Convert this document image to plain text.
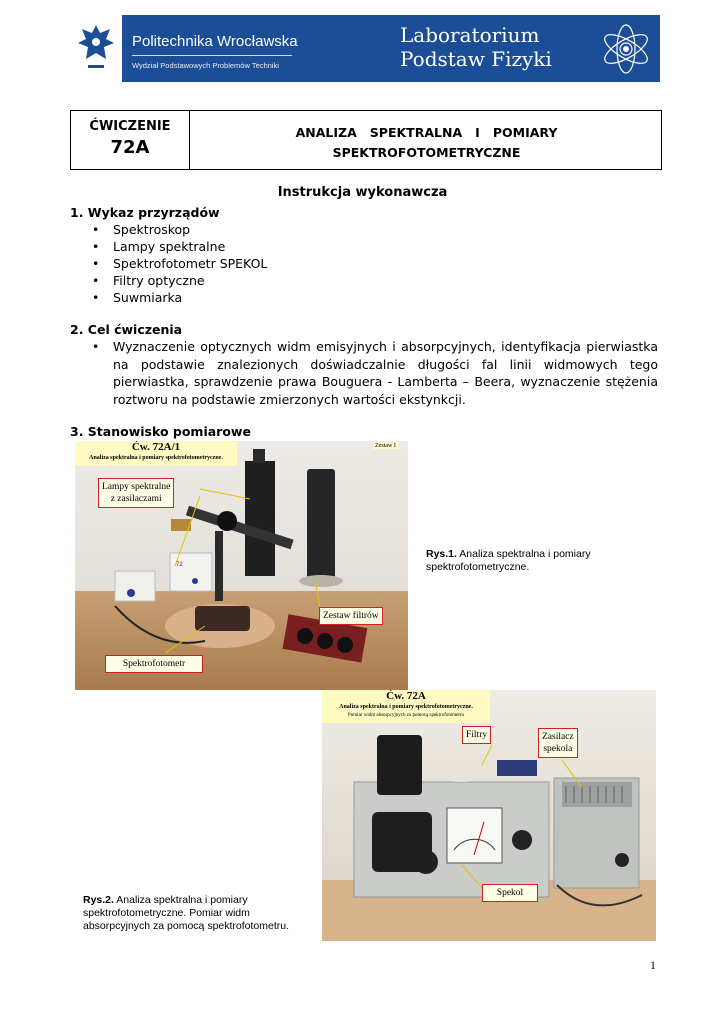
Politechnika Wrocławska
Wydział Podstawowych Problemów Techniki
Laboratorium
Podstaw Fizyki
ĆWICZENIE
72A
ANALIZA   SPEKTRALNA   I   POMIARY
SPEKTROFOTOMETRYCZNE
Instrukcja wykonawcza
1. Wykaz przyrządów
• Spektroskop
• Lampy spektralne
• Spektrofotometr SPEKOL
• Filtry optyczne
• Suwmiarka
2. Cel ćwiczenia
• Wyznaczenie optycznych widm emisyjnych i absorpcyjnych, identyfikacja pierwiastka na podstawie znalezionych doświadczalnie długości fal linii widmowych tego pierwiastka, sprawdzenie prawa Bouguera - Lamberta – Beera, wyznaczenie stężenia roztworu na podstawie zmierzonych wartości ekstynkcji.
3. Stanowisko pomiarowe
Ćw. 72A/1
Analiza spektralna i pomiary spektrofotometryczne.
Zestaw I
72
Lampy spektralne
z zasilaczami
Zestaw filtrów
Spektrofotometr
Rys.1. Analiza spektralna i pomiary spektrofotometryczne.
Ćw. 72A
Analiza spektralna i pomiary spektrofotometryczne.
Pomiar widm absorpcyjnych za pomocą spektrofotometru
Filtry	Zasilacz
spekola
Spekol
Rys.2. Analiza spektralna i pomiary spektrofotometryczne. Pomiar widm absorpcyjnych za pomocą spektrofotometru.
1
